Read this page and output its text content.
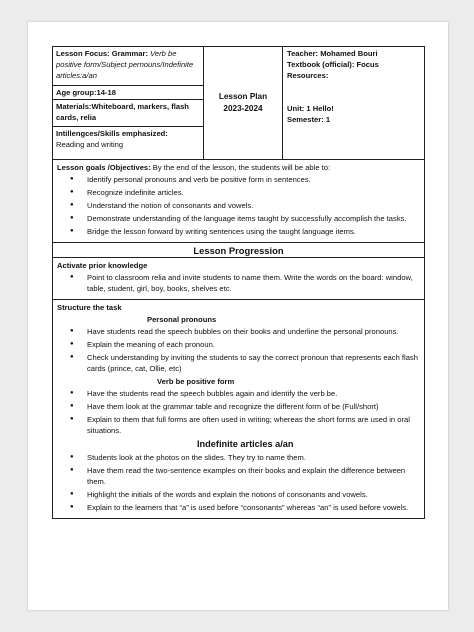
Lesson Focus: Grammar: Verb be positive form/Subject pernouns/Indefinite articles:a/an
Age group:14-18
Materials:Whiteboard, markers, flash cards, relia
Intillengces/Skills emphasized:
Reading and writing
Lesson Plan
2023-2024
Teacher: Mohamed Bouri
Textbook (official): Focus
Resources:
Unit: 1 Hello!
Semester: 1
Lesson goals /Objectives: By the end of the lesson, the students will be able to:
● Identify personal pronouns and verb be positive form in sentences.
● Recognize indefinite articles.
● Understand the notion of consonants and vowels.
● Demonstrate understanding of the language items taught by successfully accomplish the tasks.
● Bridge the lesson forward by writing sentences using the taught language items.
Lesson Progression
Activate prior knowledge
● Point to classroom relia and invite students to name them. Write the words on the board: window, table, student, girl, boy, books, shelves etc.
Structure the task
Personal pronouns
● Have students read the speech bubbles on their books and underline the personal pronouns.
● Explain the meaning of each pronoun.
● Check understanding by inviting the students to say the correct pronoun that represents each flash cards (prince, cat, Ollie, etc)
Verb be positive form
● Have the students read the speech bubbles again and identify the verb be.
● Have them look at the grammar table and recognize the different form of be (Full/short)
● Explain to them that full forms are often used in writing; whereas the short forms are used in oral situations.
Indefinite articles a/an
● Students look at the photos on the slides. They try to name them.
● Have them read the two-sentence examples on their books and explain the difference between them.
● Highlight the initials of the words and explain the notions of consonants and vowels.
● Explain to the learners that “a” is used before “consonants” whereas “an” is used before vowels.
